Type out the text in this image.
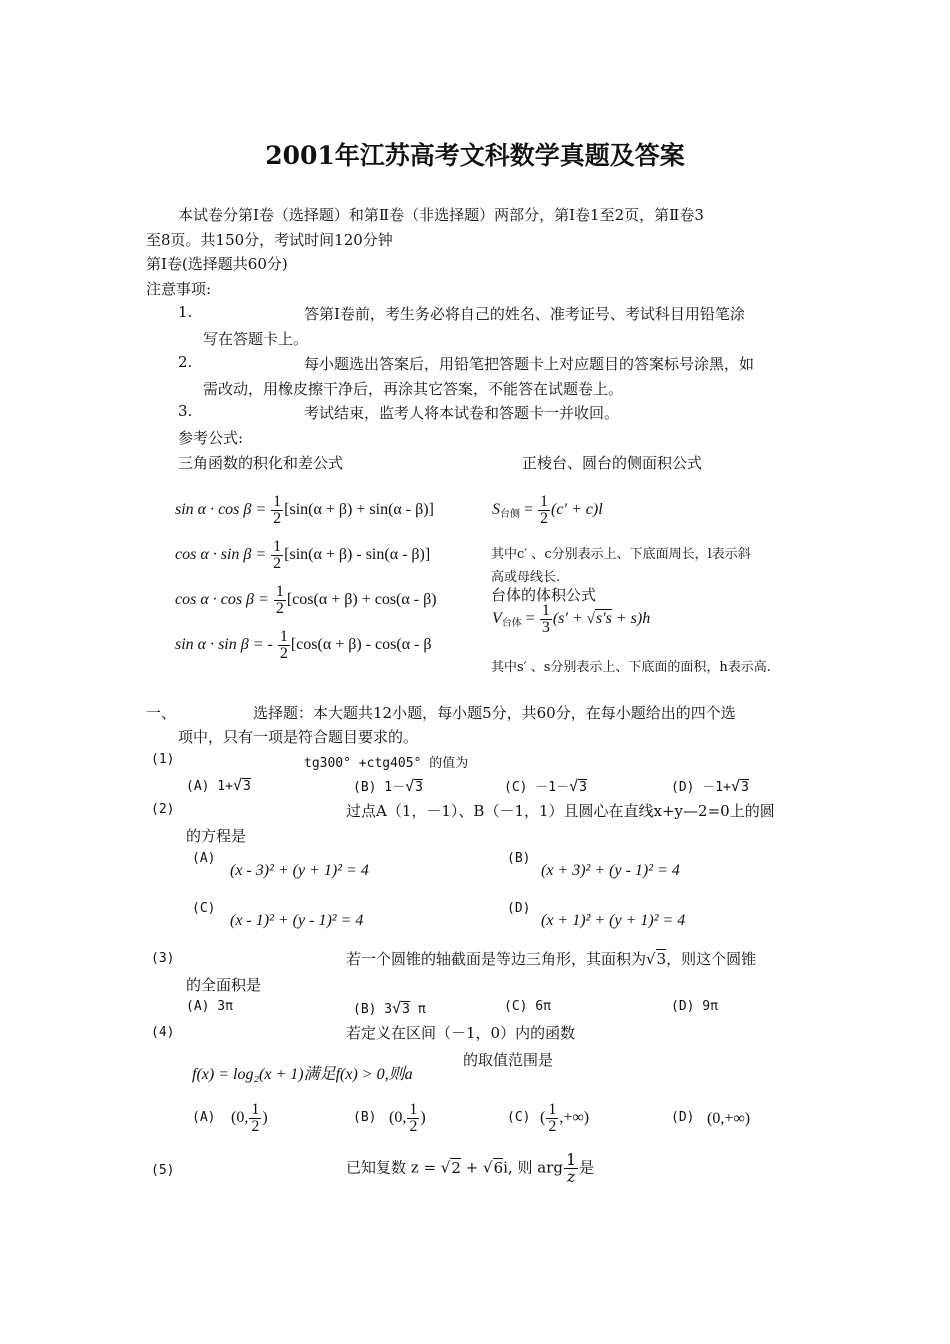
2001年江苏高考文科数学真题及答案
本试卷分第Ⅰ卷（选择题）和第Ⅱ卷（非选择题）两部分，第Ⅰ卷1至2页，第Ⅱ卷3
至8页。共150分，考试时间120分钟
第Ⅰ卷(选择题共60分)
注意事项:
1.	答第Ⅰ卷前，考生务必将自己的姓名、准考证号、考试科目用铅笔涂
写在答题卡上。
2.	每小题选出答案后，用铅笔把答题卡上对应题目的答案标号涂黑，如
需改动，用橡皮擦干净后，再涂其它答案，不能答在试题卷上。
3.	考试结束，监考人将本试卷和答题卡一并收回。
参考公式:
三角函数的积化和差公式	正棱台、圆台的侧面积公式
$\sin \alpha \cdot \cos \beta = \frac{1}{2} [\sin(\alpha + \beta) + \sin(\alpha - \beta)]$
$\cos \alpha \cdot \sin \beta = \frac{1}{2} [\sin(\alpha + \beta) - \sin(\alpha - \beta)]$
$\cos \alpha \cdot \cos \beta = \frac{1}{2} [\cos(\alpha + \beta) + \cos(\alpha - \beta)$
sin α · sin β = - $\frac{1}{2} [\cos(\alpha + \beta) - \cos(\alpha - \beta$
$S_{台侧} = \frac{1}{2} (c' + c)l$
其中c′ 、c分别表示上、下底面周长，l表示斜
高或母线长.
台体的体积公式
$V_{台体} = \frac{1}{3} (s' + √s's + s)h$
其中s′ 、s分别表示上、下底面的面积，h表示高.
一、	选择题：本大题共12小题，每小题5分，共60分，在每小题给出的四个选
项中，只有一项是符合题目要求的。
(1)	tg300° +ctg405° 的值为
(A) 1+√3	(B) 1－√3	(C) －1－√3	(D) －1+√3
(2)	过点A（1，－1）、B（－1，1）且圆心在直线x+y—2=0上的圆
的方程是
(A)
(x - 3)² + (y + 1)² = 4
(B)
(x + 3)² + (y - 1)² = 4
(C)
(x - 1)² + (y - 1)² = 4
(D)
(x + 1)² + (y + 1)² = 4
(3)	若一个圆锥的轴截面是等边三角形，其面积为√3，则这个圆锥
的全面积是
(A) 3π	(B) 3√3 π	(C) 6π	(D) 9π
(4)	若定义在区间（－1，0）内的函数
f(x) = log₂(x + 1)满足f(x) > 0,则a
的取值范围是
(A) (0, $\frac{1}{2}$ )	(B) (0, $\frac{1}{2}$ )	(C) ( $\frac{1}{2}$ ,+∞)	(D) (0,+∞)
(5)	已知复数 z = √2 + √6i, 则 arg $\frac{1}{z}$ 是
